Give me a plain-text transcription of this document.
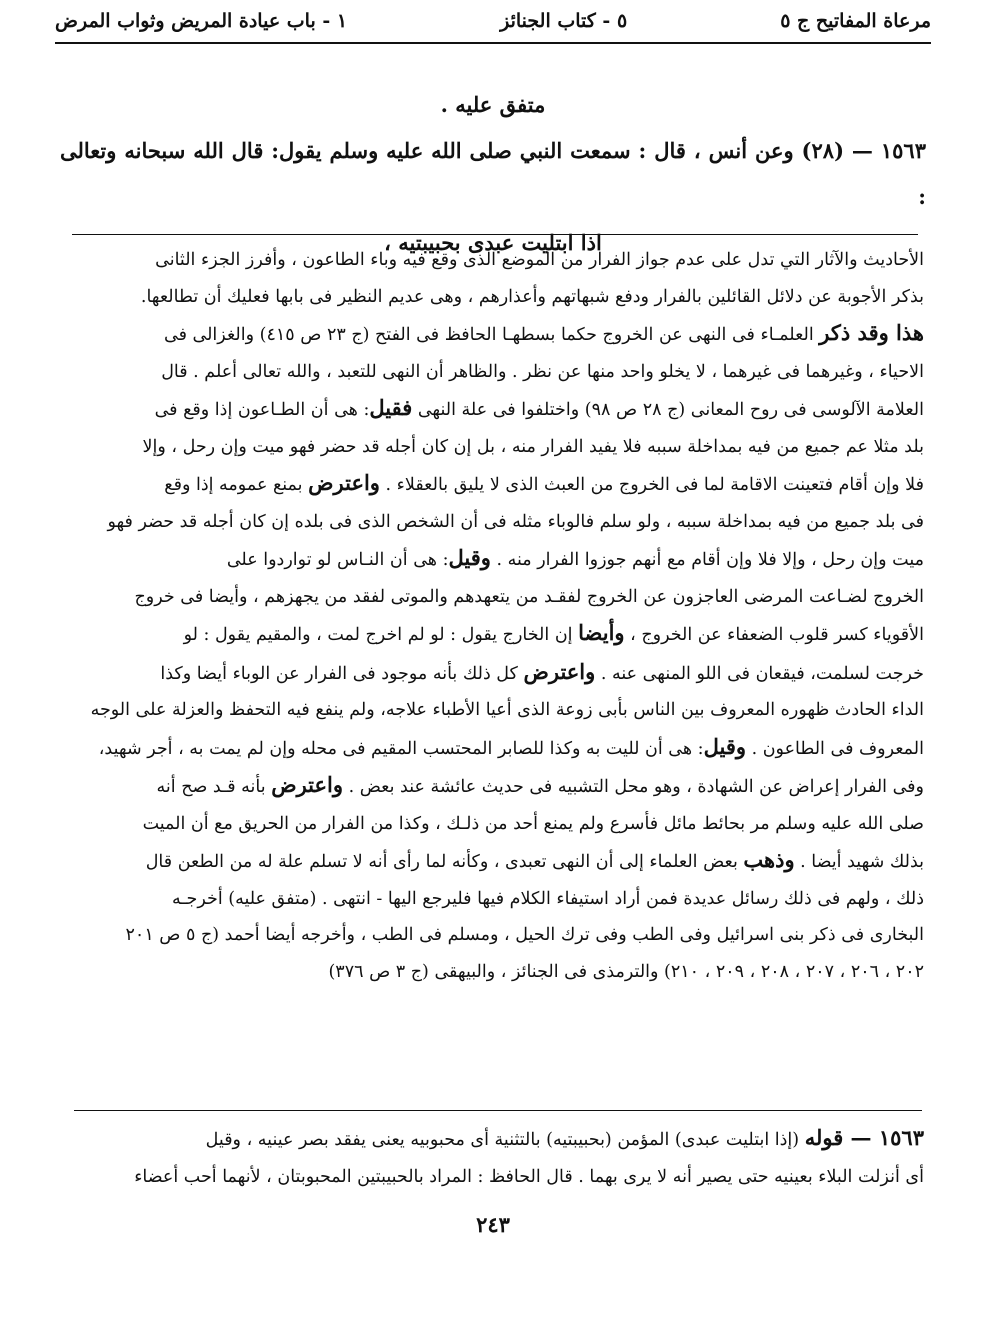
مرعاة المفاتيح ج ٥
٥ - كتاب الجنائز
١ - باب عيادة المريض وثواب المرض

متفق عليه .

١٥٦٣ — (٢٨) وعن أنس ، قال : سمعت النبي صلى الله عليه وسلم يقول: قال الله سبحانه وتعالى :

اذا ابتليت عبدى بحبيبتيه ،

الأحاديث والآثار التي تدل على عدم جواز الفرار من الموضع الذى وقع فيه وباء الطاعون ، وأفرز الجزء الثانى

بذكر الأجوبة عن دلائل القائلين بالفرار ودفع شبهاتهم وأعذارهم ، وهى عديم النظير فى بابها فعليك أن تطالعها.

هذا وقد ذكر العلمـاء فى النهى عن الخروج حكما بسطهـا الحافظ فى الفتح (ج ٢٣ ص ٤١٥) والغزالى فى

الاحياء ، وغيرهما فى غيرهما ، لا يخلو واحد منها عن نظر . والظاهر أن النهى للتعبد ، والله تعالى أعلم . قال

العلامة الآلوسى فى روح المعانى (ج ٢٨ ص ٩٨) واختلفوا فى علة النهى فقيل: هى أن الطـاعون إذا وقع فى

بلد مثلا عم جميع من فيه بمداخلة سببه فلا يفيد الفرار منه ، بل إن كان أجله قد حضر فهو ميت وإن رحل ، وإلا

فلا وإن أقام فتعينت الاقامة لما فى الخروج من العبث الذى لا يليق بالعقلاء . واعترض بمنع عمومه إذا وقع

فى بلد جميع من فيه بمداخلة سببه ، ولو سلم فالوباء مثله فى أن الشخص الذى فى بلده إن كان أجله قد حضر فهو

ميت وإن رحل ، وإلا فلا وإن أقام مع أنهم جوزوا الفرار منه . وقيل: هى أن النـاس لو تواردوا على

الخروج لضـاعت المرضى العاجزون عن الخروج لفقـد من يتعهدهم والموتى لفقد من يجهزهم ، وأيضا فى خروج

الأقوياء كسر قلوب الضعفاء عن الخروج ، وأيضا إن الخارج يقول : لو لم اخرج لمت ، والمقيم يقول : لو

خرجت لسلمت، فيقعان فى اللو المنهى عنه . واعترض كل ذلك بأنه موجود فى الفرار عن الوباء أيضا وكذا

الداء الحادث ظهوره المعروف بين الناس بأبى زوعة الذى أعيا الأطباء علاجه، ولم ينفع فيه التحفظ والعزلة على الوجه

المعروف فى الطاعون . وقيل: هى أن لليت به وكذا للصابر المحتسب المقيم فى محله وإن لم يمت به ، أجر شهيد،

وفى الفرار إعراض عن الشهادة ، وهو محل التشبيه فى حديث عائشة عند بعض . واعترض بأنه قـد صح أنه

صلى الله عليه وسلم مر بحائط مائل فأسرع ولم يمنع أحد من ذلـك ، وكذا من الفرار من الحريق مع أن الميت

بذلك شهيد أيضا . وذهب بعض العلماء إلى أن النهى تعبدى ، وكأنه لما رأى أنه لا تسلم علة له من الطعن قال

ذلك ، ولهم فى ذلك رسائل عديدة فمن أراد استيفاء الكلام فيها فليرجع اليها - انتهى . (متفق عليه) أخرجـه

البخارى فى ذكر بنى اسرائيل وفى الطب وفى ترك الحيل ، ومسلم فى الطب ، وأخرجه أيضا أحمد (ج ٥ ص ٢٠١

٢٠٢ ، ٢٠٦ ، ٢٠٧ ، ٢٠٨ ، ٢٠٩ ، ٢١٠) والترمذى فى الجنائز ، والبيهقى (ج ٣ ص ٣٧٦)

١٥٦٣ — قوله (إذا ابتليت عبدى) المؤمن (بحبيبتيه) بالتثنية أى محبوبيه يعنى يفقد بصر عينيه ، وقيل

أى أنزلت البلاء بعينيه حتى يصير أنه لا يرى بهما . قال الحافظ : المراد بالحبيبتين المحبوبتان ، لأنهما أحب أعضاء

٢٤٣
